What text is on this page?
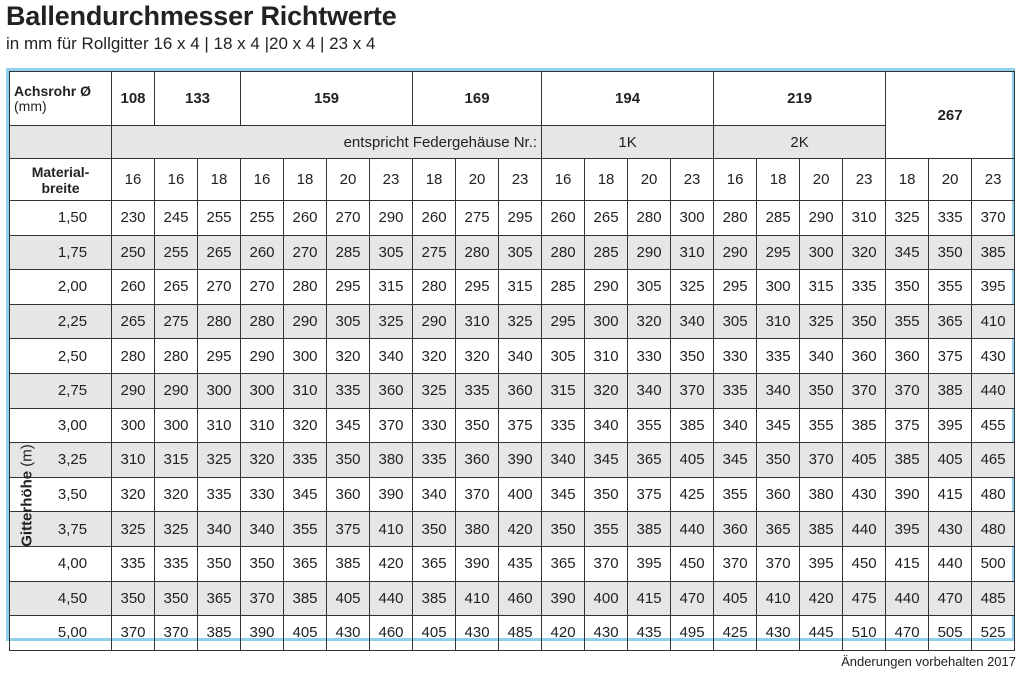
Ballendurchmesser Richtwerte
in mm für Rollgitter 16 x 4 | 18 x 4 |20 x 4 | 23 x 4
Achsrohr Ø
(mm)	108	133		159				169			194				219				267		
	entspricht Federgehäuse Nr.:										1K				2K						
Material-
breite	16	16	18	16	18	20	23	18	20	23	16	18	20	23	16	18	20	23	18	20	23
1,50	230	245	255	255	260	270	290	260	275	295	260	265	280	300	280	285	290	310	325	335	370
1,75	250	255	265	260	270	285	305	275	280	305	280	285	290	310	290	295	300	320	345	350	385
2,00	260	265	270	270	280	295	315	280	295	315	285	290	305	325	295	300	315	335	350	355	395
2,25	265	275	280	280	290	305	325	290	310	325	295	300	320	340	305	310	325	350	355	365	410
2,50	280	280	295	290	300	320	340	320	320	340	305	310	330	350	330	335	340	360	360	375	430
2,75	290	290	300	300	310	335	360	325	335	360	315	320	340	370	335	340	350	370	370	385	440
3,00	300	300	310	310	320	345	370	330	350	375	335	340	355	385	340	345	355	385	375	395	455
3,25	310	315	325	320	335	350	380	335	360	390	340	345	365	405	345	350	370	405	385	405	465
3,50	320	320	335	330	345	360	390	340	370	400	345	350	375	425	355	360	380	430	390	415	480
3,75	325	325	340	340	355	375	410	350	380	420	350	355	385	440	360	365	385	440	395	430	480
4,00	335	335	350	350	365	385	420	365	390	435	365	370	395	450	370	370	395	450	415	440	500
4,50	350	350	365	370	385	405	440	385	410	460	390	400	415	470	405	410	420	475	440	470	485
5,00	370	370	385	390	405	430	460	405	430	485	420	430	435	495	425	430	445	510	470	505	525
Gitterhöhe (m)
Änderungen vorbehalten 2017
